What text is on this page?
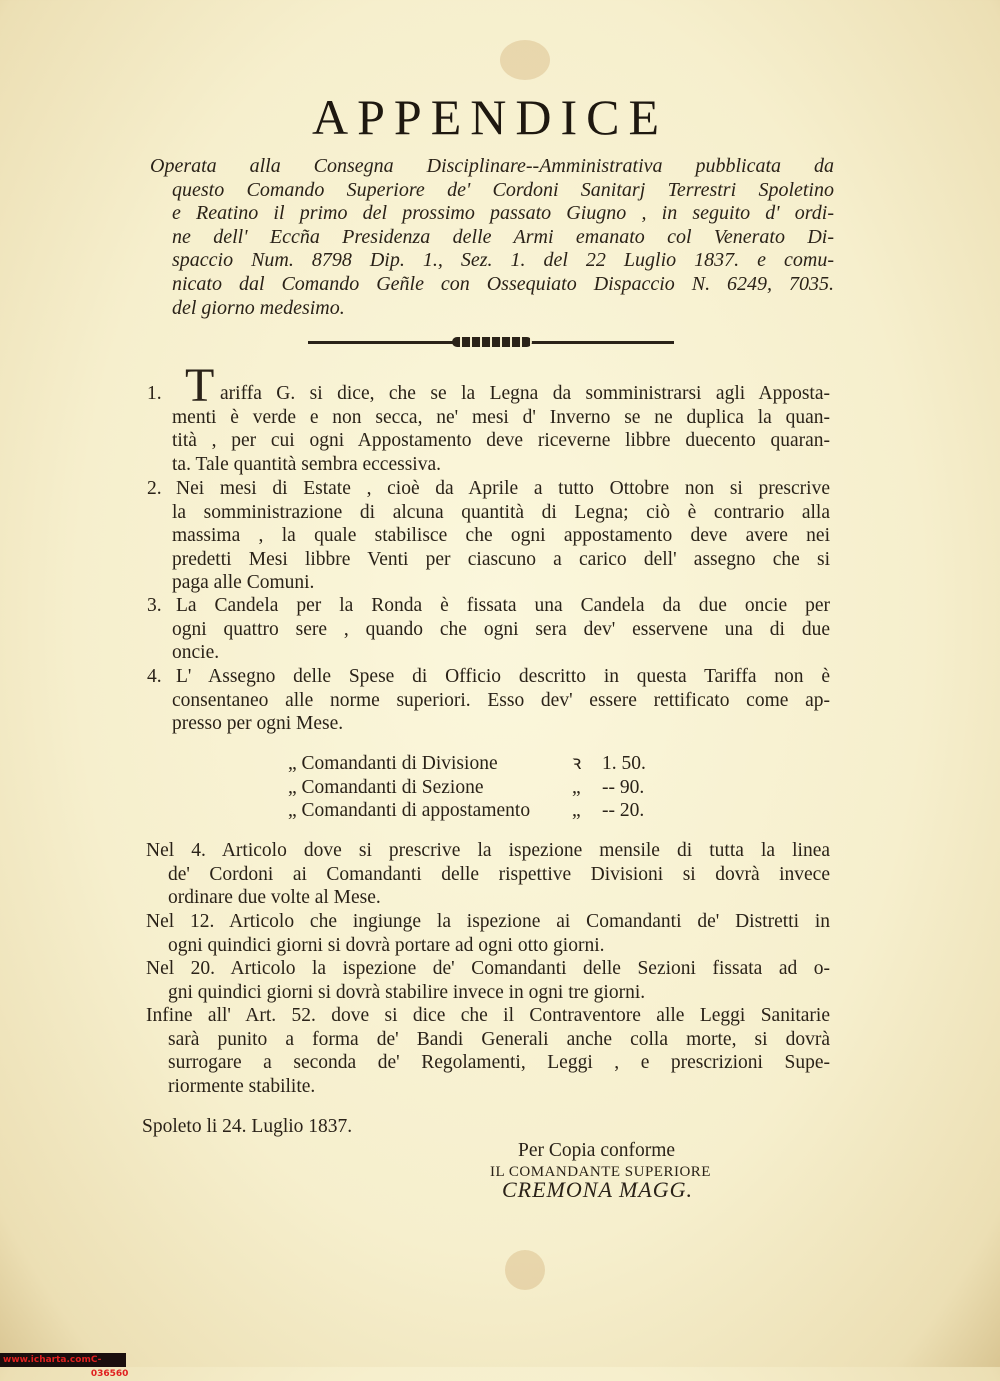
APPENDICE
Operata alla Consegna Disciplinare--Amministrativa pubblicata da
questo Comando Superiore de' Cordoni Sanitarj Terrestri Spoletino
e Reatino il primo del prossimo passato Giugno , in seguito d' ordi-
ne dell' Eccña Presidenza delle Armi emanato col Venerato Di-
spaccio Num. 8798 Dip. 1., Sez. 1. del 22 Luglio 1837. e comu-
nicato dal Comando Geñle con Ossequiato Dispaccio N. 6249, 7035.
del giorno medesimo.
1. T ariffa G. si dice, che se la Legna da somministrarsi agli Apposta-
menti è verde e non secca, ne' mesi d' Inverno se ne duplica la quan-
tità , per cui ogni Appostamento deve riceverne libbre duecento quaran-
ta. Tale quantità sembra eccessiva.
2. Nei mesi di Estate , cioè da Aprile a tutto Ottobre non si prescrive
la somministrazione di alcuna quantità di Legna; ciò è contrario alla
massima , la quale stabilisce che ogni appostamento deve avere nei
predetti Mesi libbre Venti per ciascuno a carico dell' assegno che si
paga alle Comuni.
3. La Candela per la Ronda è fissata una Candela da due oncie per
ogni quattro sere , quando che ogni sera dev' esservene una di due
oncie.
4. L' Assegno delle Spese di Officio descritto in questa Tariffa non è
consentaneo alle norme superiori. Esso dev' essere rettificato come ap-
presso per ogni Mese.
„ Comandanti di Divisione	ꝛ 1. 50.
„ Comandanti di Sezione	„ -- 90.
„ Comandanti di appostamento „ -- 20.
Nel 4. Articolo dove si prescrive la ispezione mensile di tutta la linea
de' Cordoni ai Comandanti delle rispettive Divisioni si dovrà invece
ordinare due volte al Mese.
Nel 12. Articolo che ingiunge la ispezione ai Comandanti de' Distretti in
ogni quindici giorni si dovrà portare ad ogni otto giorni.
Nel 20. Articolo la ispezione de' Comandanti delle Sezioni fissata ad o-
gni quindici giorni si dovrà stabilire invece in ogni tre giorni.
Infine all' Art. 52. dove si dice che il Contraventore alle Leggi Sanitarie
sarà punito a forma de' Bandi Generali anche colla morte, si dovrà
surrogare a seconda de' Regolamenti, Leggi , e prescrizioni Supe-
riormente stabilite.
Spoleto li 24. Luglio 1837.
Per Copia conforme
IL COMANDANTE SUPERIORE
CREMONA MAGG.
www.icharta.com C-036560
